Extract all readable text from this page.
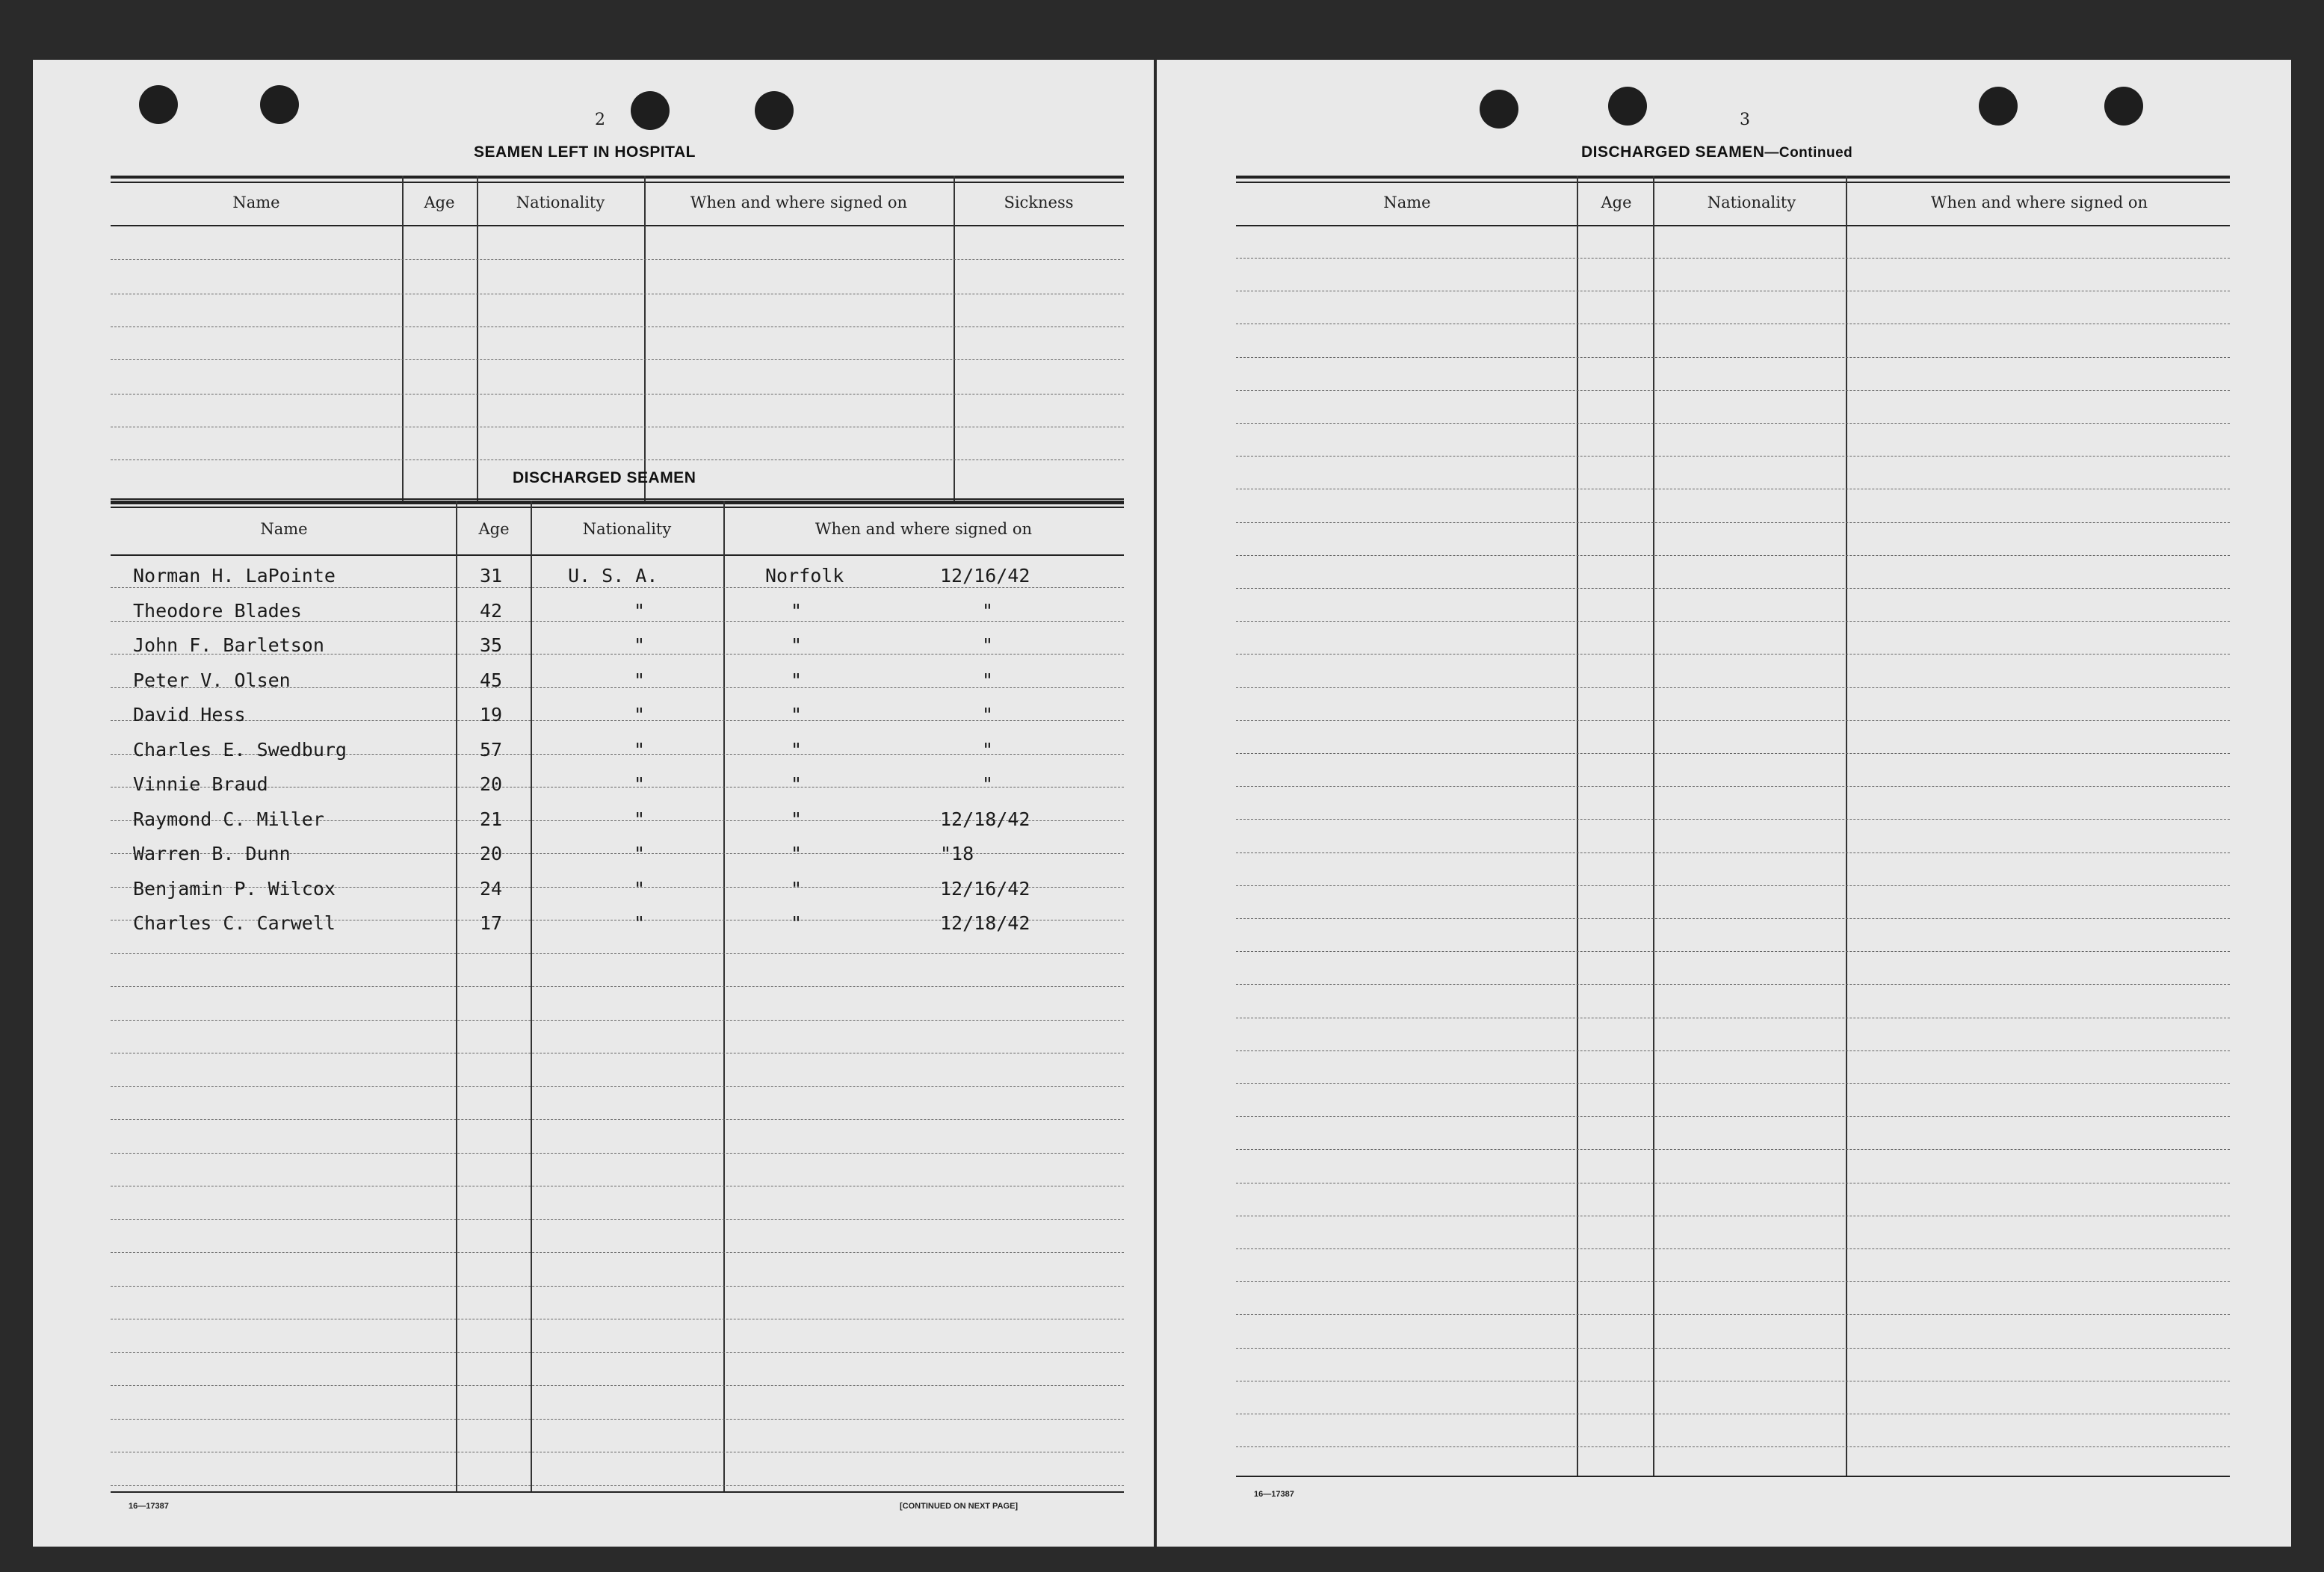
2
SEAMEN LEFT IN HOSPITAL
Name	Age	Nationality	When and where signed on	Sickness
DISCHARGED SEAMEN
Name	Age	Nationality	When and where signed on
Norman H. LaPointe	31	U. S. A.	Norfolk	12/16/42
Theodore Blades	42	"	"	"
John F. Barletson	35	"	"	"
Peter V. Olsen	45	"	"	"
David Hess	19	"	"	"
Charles E. Swedburg	57	"	"	"
Vinnie Braud	20	"	"	"
Raymond C. Miller	21	"	"	12/18/42
Warren B. Dunn	20	"	"	"18
Benjamin P. Wilcox	24	"	"	12/16/42
Charles C. Carwell	17	"	"	12/18/42
16—17387	[CONTINUED ON NEXT PAGE]
3
DISCHARGED SEAMEN—Continued
Name	Age	Nationality	When and where signed on
16—17387
